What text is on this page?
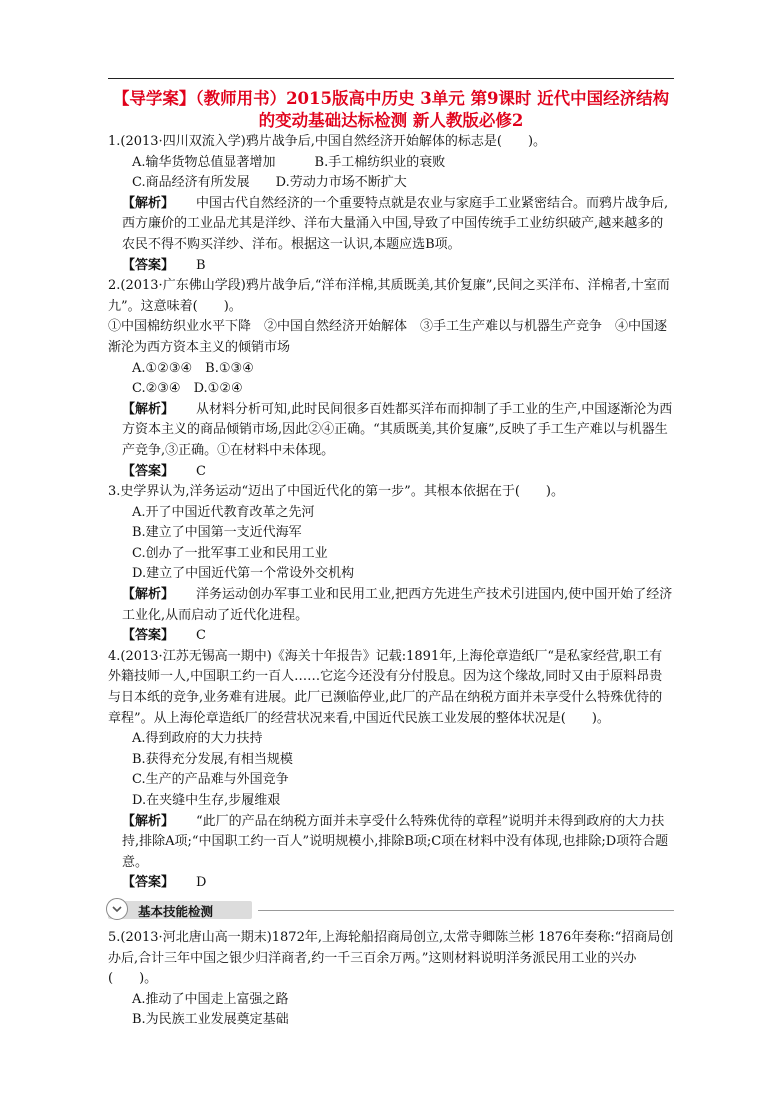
【导学案】（教师用书）2015版高中历史 3单元 第9课时 近代中国经济结构的变动基础达标检测 新人教版必修2

1.(2013·四川双流入学)鸦片战争后,中国自然经济开始解体的标志是(　　)。

A.输华货物总值显著增加　　　B.手工棉纺织业的衰败

C.商品经济有所发展　　D.劳动力市场不断扩大

【解析】 中国古代自然经济的一个重要特点就是农业与家庭手工业紧密结合。而鸦片战争后,西方廉价的工业品尤其是洋纱、洋布大量涌入中国,导致了中国传统手工业纺织破产,越来越多的农民不得不购买洋纱、洋布。根据这一认识,本题应选B项。

【答案】 B

2.(2013·广东佛山学段)鸦片战争后,“洋布洋棉,其质既美,其价复廉”,民间之买洋布、洋棉者,十室而九”。这意味着(　　)。

①中国棉纺织业水平下降　②中国自然经济开始解体　③手工生产难以与机器生产竞争　④中国逐渐沦为西方资本主义的倾销市场

A.①②③④　B.①③④

C.②③④　D.①②④

【解析】 从材料分析可知,此时民间很多百姓都买洋布而抑制了手工业的生产,中国逐渐沦为西方资本主义的商品倾销市场,因此②④正确。“其质既美,其价复廉”,反映了手工生产难以与机器生产竞争,③正确。①在材料中未体现。

【答案】 C

3.史学界认为,洋务运动“迈出了中国近代化的第一步”。其根本依据在于(　　)。

A.开了中国近代教育改革之先河

B.建立了中国第一支近代海军

C.创办了一批军事工业和民用工业

D.建立了中国近代第一个常设外交机构

【解析】 洋务运动创办军事工业和民用工业,把西方先进生产技术引进国内,使中国开始了经济工业化,从而启动了近代化进程。

【答案】 C

4.(2013·江苏无锡高一期中)《海关十年报告》记载:1891年,上海伦章造纸厂“是私家经营,职工有外籍技师一人,中国职工约一百人……它迄今还没有分付股息。因为这个缘故,同时又由于原料昂贵与日本纸的竞争,业务难有进展。此厂已濒临停业,此厂的产品在纳税方面并未享受什么特殊优待的章程”。从上海伦章造纸厂的经营状况来看,中国近代民族工业发展的整体状况是(　　)。

A.得到政府的大力扶持

B.获得充分发展,有相当规模

C.生产的产品难与外国竞争

D.在夹缝中生存,步履维艰

【解析】 “此厂的产品在纳税方面并未享受什么特殊优待的章程”说明并未得到政府的大力扶持,排除A项;“中国职工约一百人”说明规模小,排除B项;C项在材料中没有体现,也排除;D项符合题意。

【答案】 D

基本技能检测

5.(2013·河北唐山高一期末)1872年,上海轮船招商局创立,太常寺卿陈兰彬 1876年奏称:“招商局创办后,合计三年中国之银少归洋商者,约一千三百余万两。”这则材料说明洋务派民用工业的兴办(　　)。

A.推动了中国走上富强之路

B.为民族工业发展奠定基础
